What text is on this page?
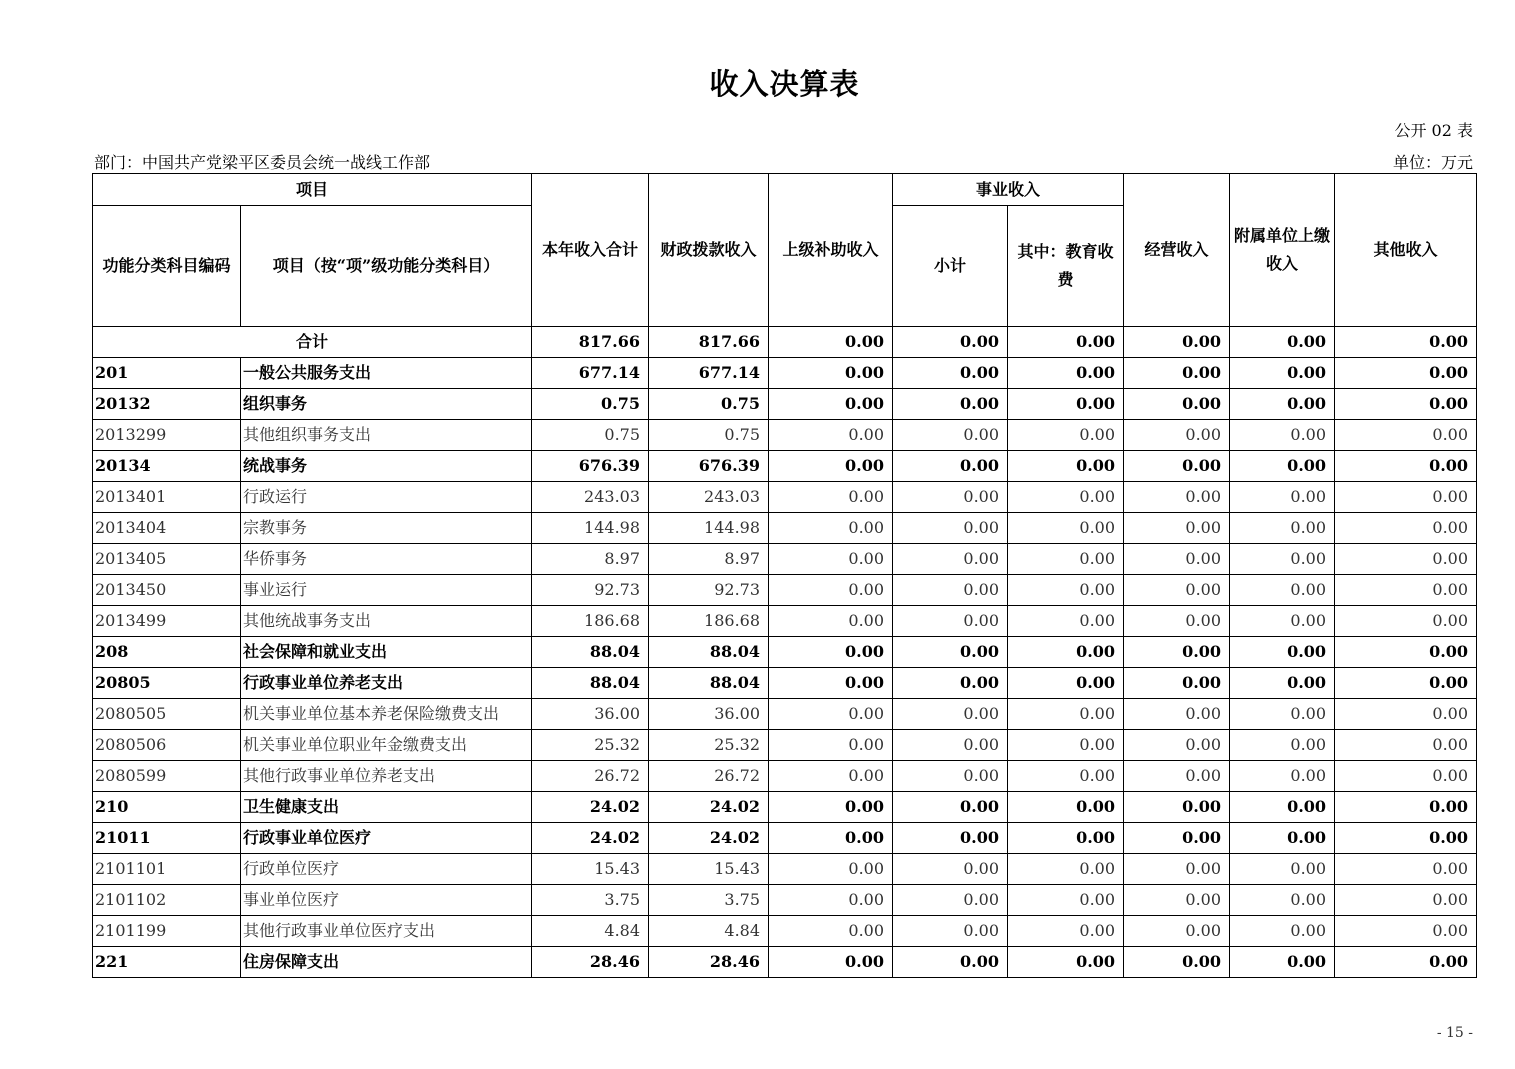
收入决算表
公开 02 表
部门：中国共产党梁平区委员会统一战线工作部	单位：万元
项目		本年收入合计	财政拨款收入	上级补助收入	事业收入		经营收入	附属单位上缴收入	其他收入
功能分类科目编码	项目（按“项”级功能分类科目）				小计	其中：教育收费			
合计		817.66	817.66	0.00	0.00	0.00	0.00	0.00	0.00
201	一般公共服务支出	677.14	677.14	0.00	0.00	0.00	0.00	0.00	0.00
20132	组织事务	0.75	0.75	0.00	0.00	0.00	0.00	0.00	0.00
2013299	其他组织事务支出	0.75	0.75	0.00	0.00	0.00	0.00	0.00	0.00
20134	统战事务	676.39	676.39	0.00	0.00	0.00	0.00	0.00	0.00
2013401	行政运行	243.03	243.03	0.00	0.00	0.00	0.00	0.00	0.00
2013404	宗教事务	144.98	144.98	0.00	0.00	0.00	0.00	0.00	0.00
2013405	华侨事务	8.97	8.97	0.00	0.00	0.00	0.00	0.00	0.00
2013450	事业运行	92.73	92.73	0.00	0.00	0.00	0.00	0.00	0.00
2013499	其他统战事务支出	186.68	186.68	0.00	0.00	0.00	0.00	0.00	0.00
208	社会保障和就业支出	88.04	88.04	0.00	0.00	0.00	0.00	0.00	0.00
20805	行政事业单位养老支出	88.04	88.04	0.00	0.00	0.00	0.00	0.00	0.00
2080505	机关事业单位基本养老保险缴费支出	36.00	36.00	0.00	0.00	0.00	0.00	0.00	0.00
2080506	机关事业单位职业年金缴费支出	25.32	25.32	0.00	0.00	0.00	0.00	0.00	0.00
2080599	其他行政事业单位养老支出	26.72	26.72	0.00	0.00	0.00	0.00	0.00	0.00
210	卫生健康支出	24.02	24.02	0.00	0.00	0.00	0.00	0.00	0.00
21011	行政事业单位医疗	24.02	24.02	0.00	0.00	0.00	0.00	0.00	0.00
2101101	行政单位医疗	15.43	15.43	0.00	0.00	0.00	0.00	0.00	0.00
2101102	事业单位医疗	3.75	3.75	0.00	0.00	0.00	0.00	0.00	0.00
2101199	其他行政事业单位医疗支出	4.84	4.84	0.00	0.00	0.00	0.00	0.00	0.00
221	住房保障支出	28.46	28.46	0.00	0.00	0.00	0.00	0.00	0.00
- 15 -
